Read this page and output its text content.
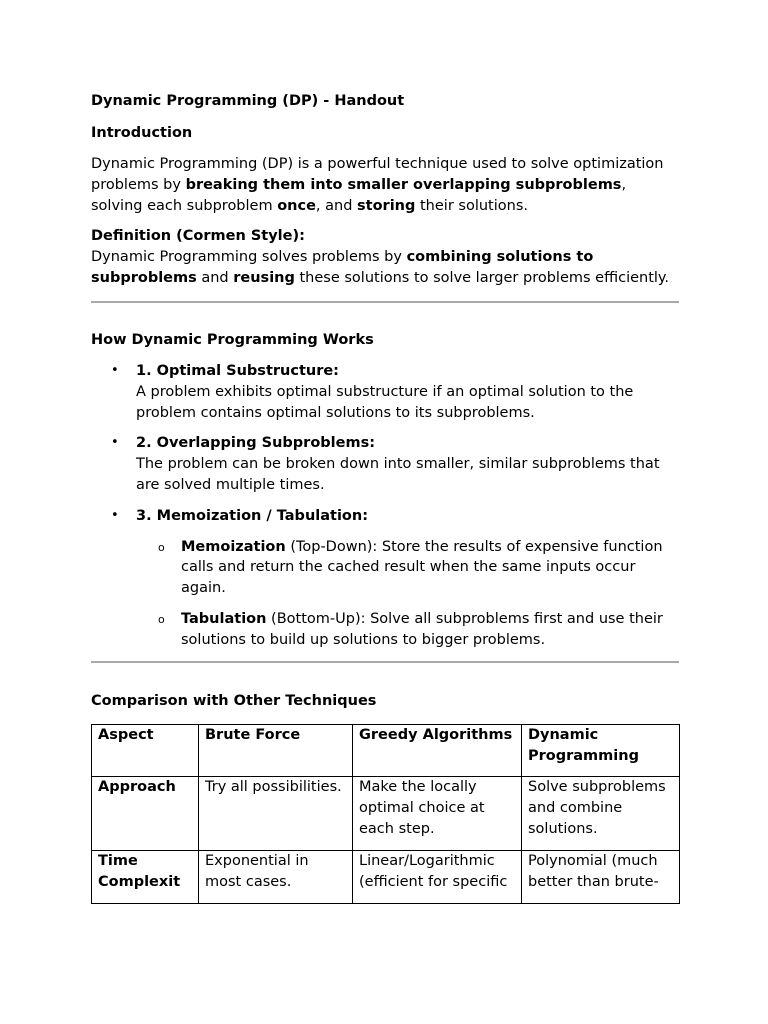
Dynamic Programming (DP) - Handout

Introduction

Dynamic Programming (DP) is a powerful technique used to solve optimization problems by breaking them into smaller overlapping subproblems, solving each subproblem once, and storing their solutions.

Definition (Cormen Style):

Dynamic Programming solves problems by combining solutions to subproblems and reusing these solutions to solve larger problems efficiently.

How Dynamic Programming Works

• 1. Optimal Substructure:
A problem exhibits optimal substructure if an optimal solution to the problem contains optimal solutions to its subproblems.
• 2. Overlapping Subproblems:
The problem can be broken down into smaller, similar subproblems that are solved multiple times.
• 3. Memoization / Tabulation:
o Memoization (Top-Down): Store the results of expensive function calls and return the cached result when the same inputs occur again.
o Tabulation (Bottom-Up): Solve all subproblems first and use their solutions to build up solutions to bigger problems.

Comparison with Other Techniques

Aspect	Brute Force	Greedy Algorithms	Dynamic Programming
Approach	Try all possibilities.	Make the locally optimal choice at each step.	Solve subproblems and combine solutions.

Time Complexit	Exponential in most cases.	Linear/Logarithmic (efficient for specific	Polynomial (much better than brute-
